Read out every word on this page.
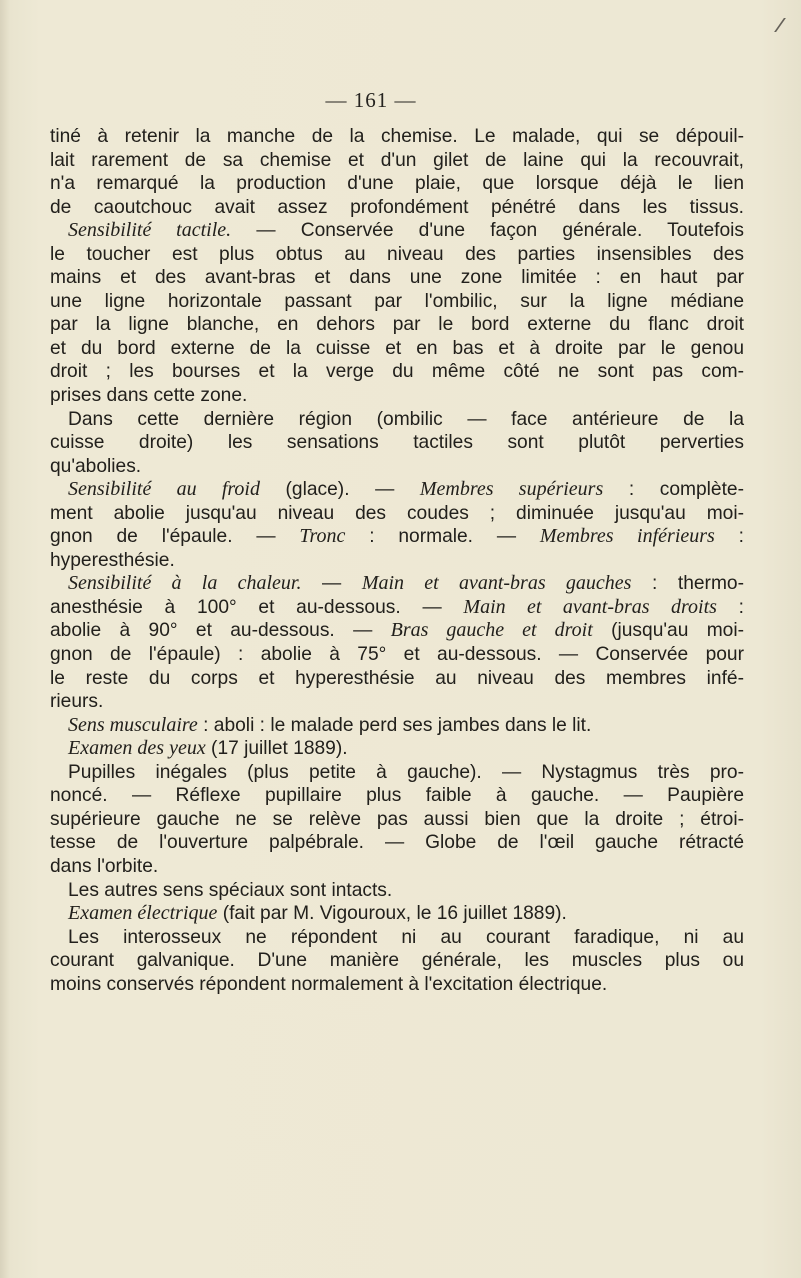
— 161 —
tiné à retenir la manche de la chemise. Le malade, qui se dépouil-
lait rarement de sa chemise et d'un gilet de laine qui la recouvrait,
n'a remarqué la production d'une plaie, que lorsque déjà le lien
de caoutchouc avait assez profondément pénétré dans les tissus.
Sensibilité tactile. — Conservée d'une façon générale. Toutefois
le toucher est plus obtus au niveau des parties insensibles des
mains et des avant-bras et dans une zone limitée : en haut par
une ligne horizontale passant par l'ombilic, sur la ligne médiane
par la ligne blanche, en dehors par le bord externe du flanc droit
et du bord externe de la cuisse et en bas et à droite par le genou
droit ; les bourses et la verge du même côté ne sont pas com-
prises dans cette zone.
Dans cette dernière région (ombilic — face antérieure de la
cuisse droite) les sensations tactiles sont plutôt perverties
qu'abolies.
Sensibilité au froid (glace). — Membres supérieurs : complète-
ment abolie jusqu'au niveau des coudes ; diminuée jusqu'au moi-
gnon de l'épaule. — Tronc : normale. — Membres inférieurs :
hyperesthésie.
Sensibilité à la chaleur. — Main et avant-bras gauches : thermo-
anesthésie à 100° et au-dessous. — Main et avant-bras droits :
abolie à 90° et au-dessous. — Bras gauche et droit (jusqu'au moi-
gnon de l'épaule) : abolie à 75° et au-dessous. — Conservée pour
le reste du corps et hyperesthésie au niveau des membres infé-
rieurs.
Sens musculaire : aboli : le malade perd ses jambes dans le lit.
Examen des yeux (17 juillet 1889).
Pupilles inégales (plus petite à gauche). — Nystagmus très pro-
noncé. — Réflexe pupillaire plus faible à gauche. — Paupière
supérieure gauche ne se relève pas aussi bien que la droite ; étroi-
tesse de l'ouverture palpébrale. — Globe de l'œil gauche rétracté
dans l'orbite.
Les autres sens spéciaux sont intacts.
Examen électrique (fait par M. Vigouroux, le 16 juillet 1889).
Les interosseux ne répondent ni au courant faradique, ni au
courant galvanique. D'une manière générale, les muscles plus ou
moins conservés répondent normalement à l'excitation électrique.
